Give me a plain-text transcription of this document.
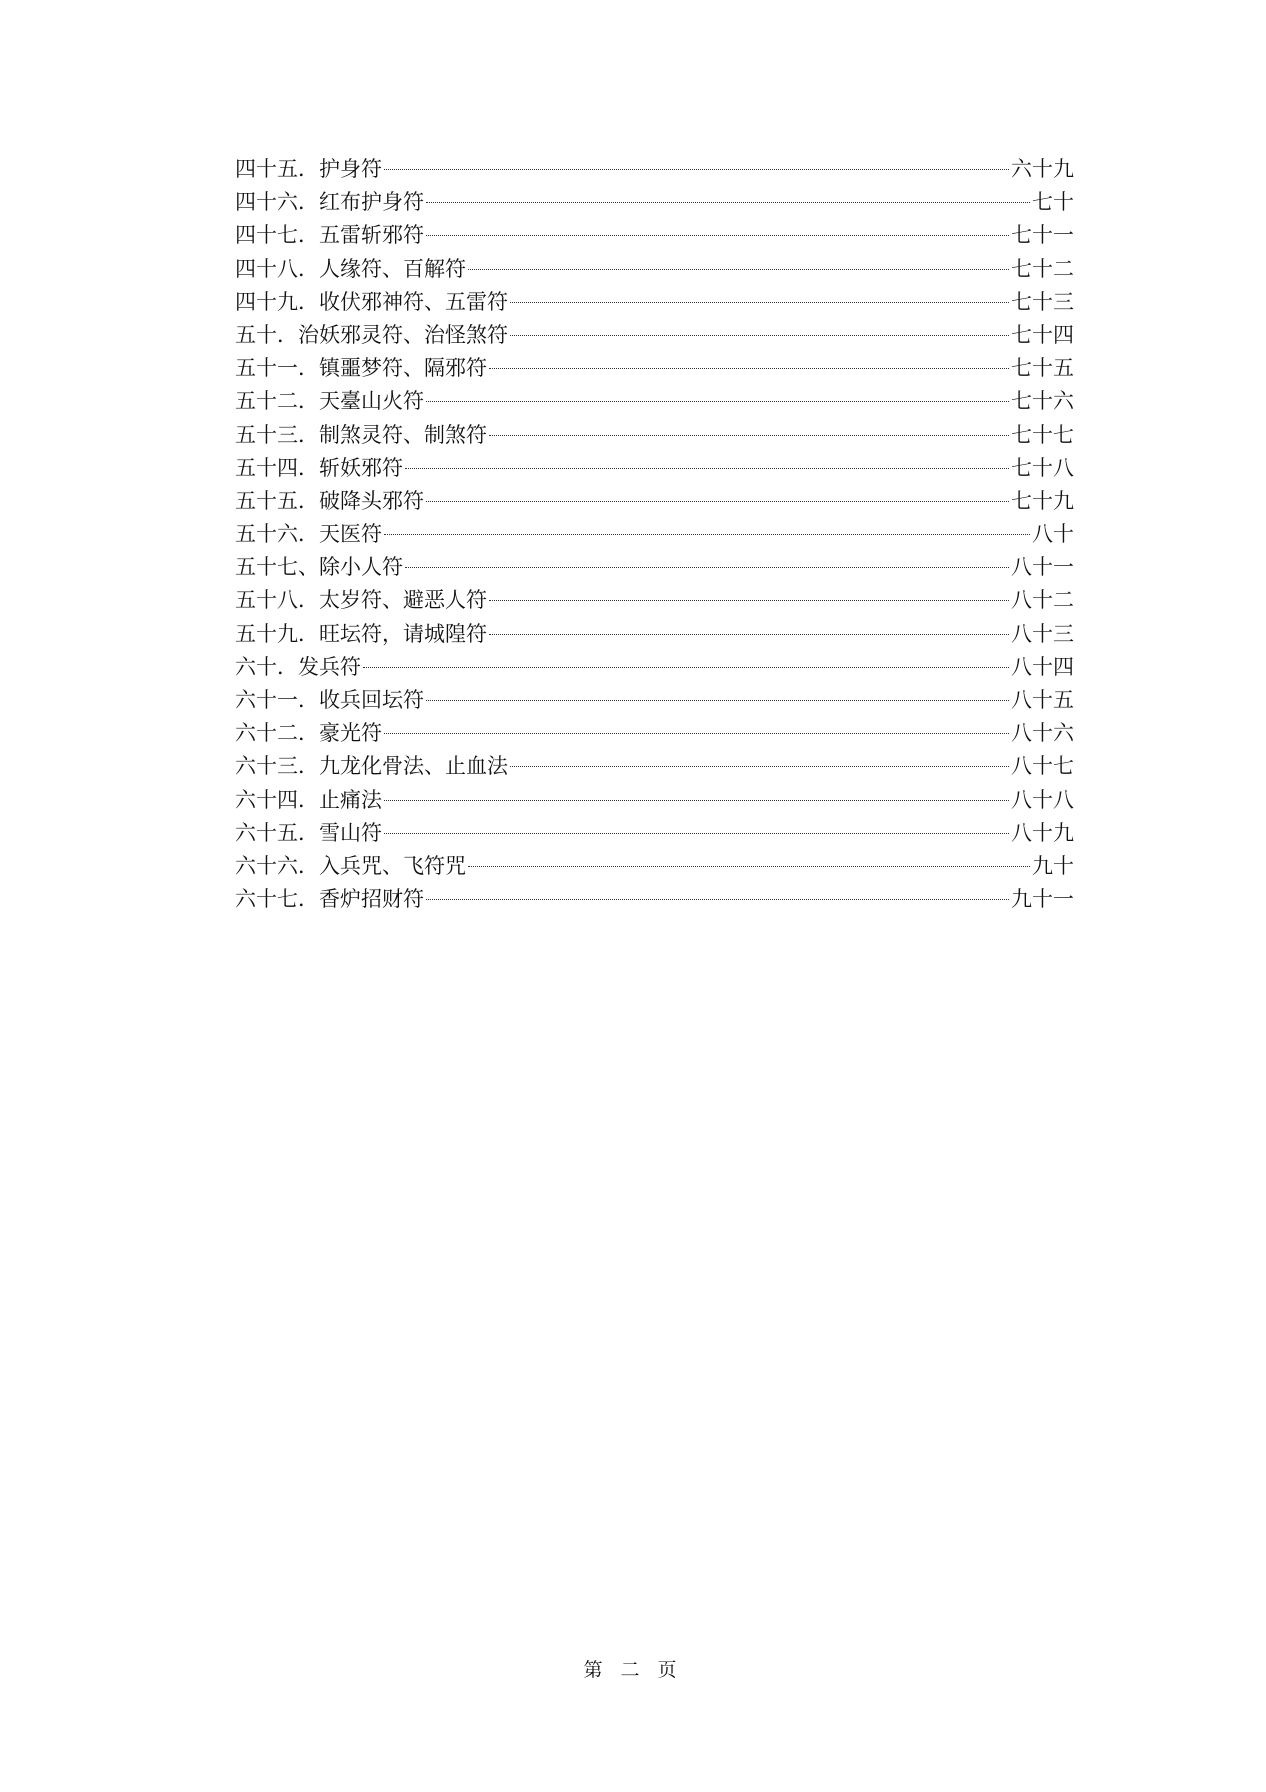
四十五． 护身符	六十九
四十六． 红布护身符	七十
四十七． 五雷斩邪符	七十一
四十八． 人缘符、百解符	七十二
四十九． 收伏邪神符、五雷符	七十三
五十． 治妖邪灵符、治怪煞符	七十四
五十一． 镇噩梦符、隔邪符	七十五
五十二． 天臺山火符	七十六
五十三． 制煞灵符、制煞符	七十七
五十四． 斩妖邪符	七十八
五十五． 破降头邪符	七十九
五十六． 天医符	八十
五十七、 除小人符	八十一
五十八． 太岁符、避恶人符	八十二
五十九． 旺坛符，请城隍符	八十三
六十． 发兵符	八十四
六十一． 收兵回坛符	八十五
六十二． 豪光符	八十六
六十三． 九龙化骨法、止血法	八十七
六十四． 止痛法	八十八
六十五． 雪山符	八十九
六十六． 入兵咒、飞符咒	九十
六十七． 香炉招财符	九十一
第 二 页
